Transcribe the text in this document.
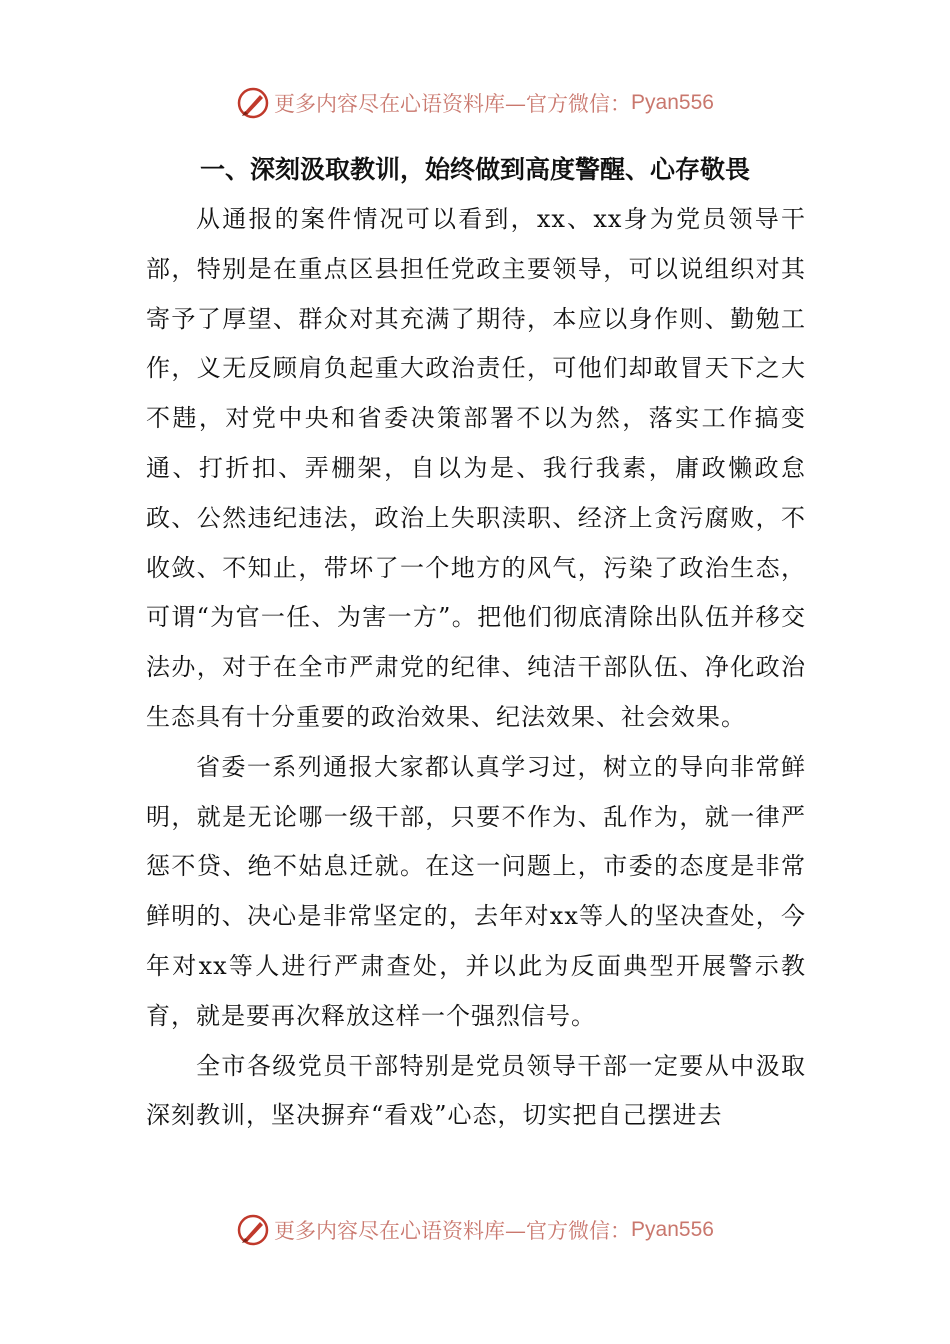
更多内容尽在心语资料库—官方微信： Pyan556
一、深刻汲取教训，始终做到高度警醒、心存敬畏

从通报的案件情况可以看到，xx、xx身为党员领导干部，特别是在重点区县担任党政主要领导，可以说组织对其寄予了厚望、群众对其充满了期待，本应以身作则、勤勉工作，义无反顾肩负起重大政治责任，可他们却敢冒天下之大不韪，对党中央和省委决策部署不以为然，落实工作搞变通、打折扣、弄棚架，自以为是、我行我素，庸政懒政怠政、公然违纪违法，政治上失职渎职、经济上贪污腐败，不收敛、不知止，带坏了一个地方的风气，污染了政治生态，可谓“为官一任、为害一方”。把他们彻底清除出队伍并移交法办，对于在全市严肃党的纪律、纯洁干部队伍、净化政治生态具有十分重要的政治效果、纪法效果、社会效果。

省委一系列通报大家都认真学习过，树立的导向非常鲜明，就是无论哪一级干部，只要不作为、乱作为，就一律严惩不贷、绝不姑息迁就。在这一问题上，市委的态度是非常鲜明的、决心是非常坚定的，去年对xx等人的坚决查处，今年对xx等人进行严肃查处，并以此为反面典型开展警示教育，就是要再次释放这样一个强烈信号。

全市各级党员干部特别是党员领导干部一定要从中汲取深刻教训，坚决摒弃“看戏”心态，切实把自己摆进去

更多内容尽在心语资料库—官方微信： Pyan556
